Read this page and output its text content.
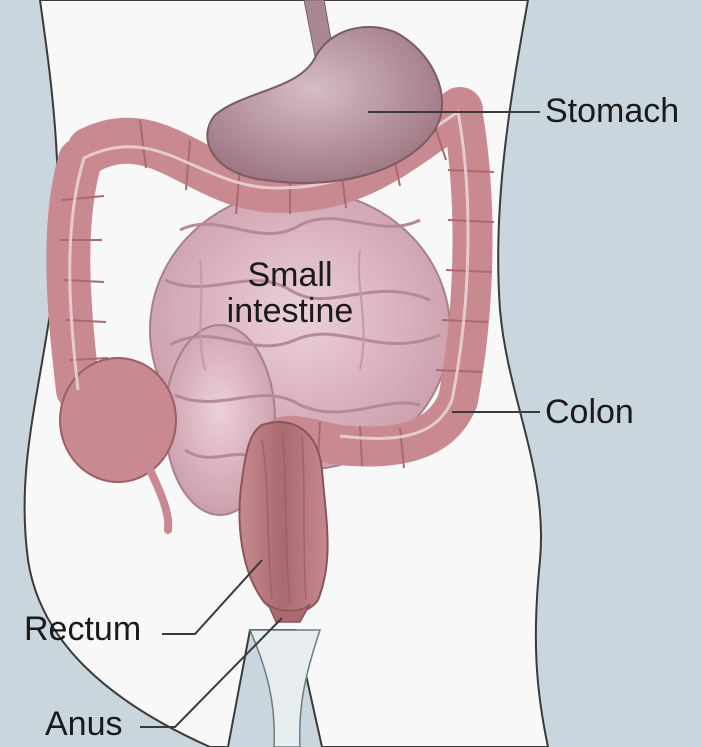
Stomach
Small
intestine
Colon
Rectum
Anus
